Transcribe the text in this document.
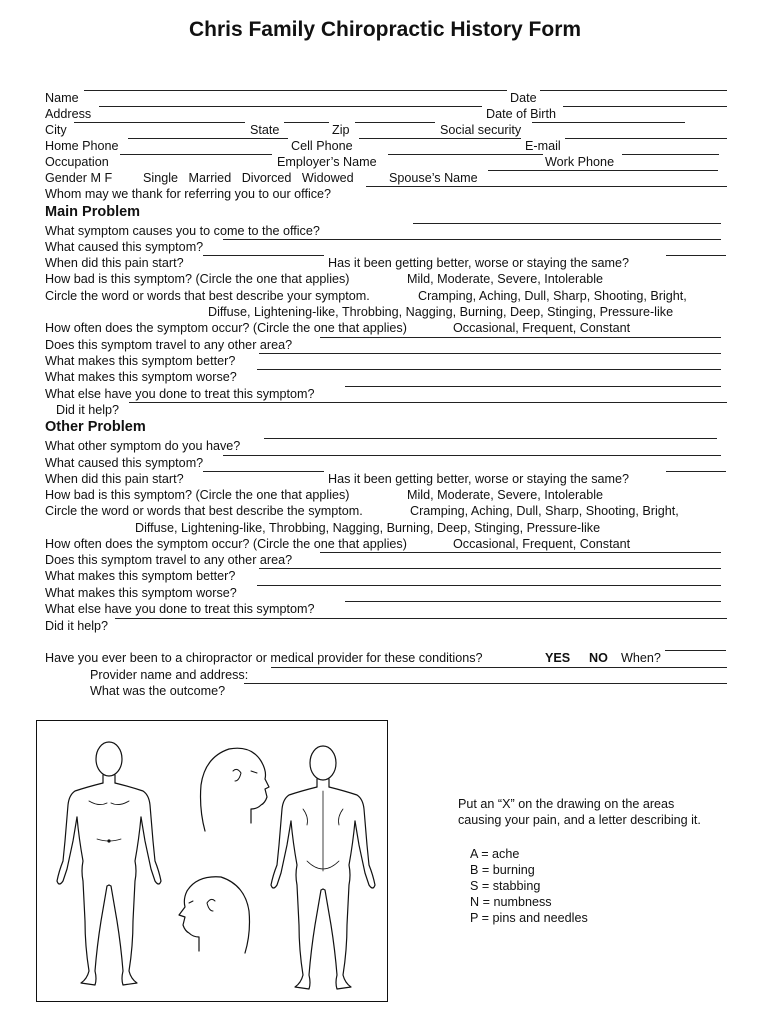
Chris Family Chiropractic History Form
Name	Date
Address	Date of Birth
City	State	Zip	Social security
Home Phone	Cell Phone	E-mail
Occupation	Employer’s Name	Work Phone
Gender M F Single   Married   Divorced   Widowed	Spouse’s Name
Whom may we thank for referring you to our office?
Main Problem
What symptom causes you to come to the office?
What caused this symptom?
When did this pain start?	Has it been getting better, worse or staying the same?
How bad is this symptom? (Circle the one that applies)	Mild, Moderate, Severe, Intolerable
Circle the word or words that best describe your symptom.	Cramping, Aching, Dull, Sharp, Shooting, Bright,
Diffuse, Lightening-like, Throbbing, Nagging, Burning, Deep, Stinging, Pressure-like
How often does the symptom occur? (Circle the one that applies)	Occasional, Frequent, Constant
Does this symptom travel to any other area?
What makes this symptom better?
What makes this symptom worse?
What else have you done to treat this symptom?
Did it help?
Other Problem
What other symptom do you have?
What caused this symptom?
When did this pain start?	Has it been getting better, worse or staying the same?
How bad is this symptom? (Circle the one that applies)	Mild, Moderate, Severe, Intolerable
Circle the word or words that best describe the symptom.	Cramping, Aching, Dull, Sharp, Shooting, Bright,
Diffuse, Lightening-like, Throbbing, Nagging, Burning, Deep, Stinging, Pressure-like
How often does the symptom occur? (Circle the one that applies)	Occasional, Frequent, Constant
Does this symptom travel to any other area?
What makes this symptom better?
What makes this symptom worse?
What else have you done to treat this symptom?
Did it help?
Have you ever been to a chiropractor or medical provider for these conditions?	YES NO When?
Provider name and address:
What was the outcome?
Put an “X” on the drawing on the areas
causing your pain, and a letter describing it.
A = ache
B = burning
S = stabbing
N = numbness
P = pins and needles
